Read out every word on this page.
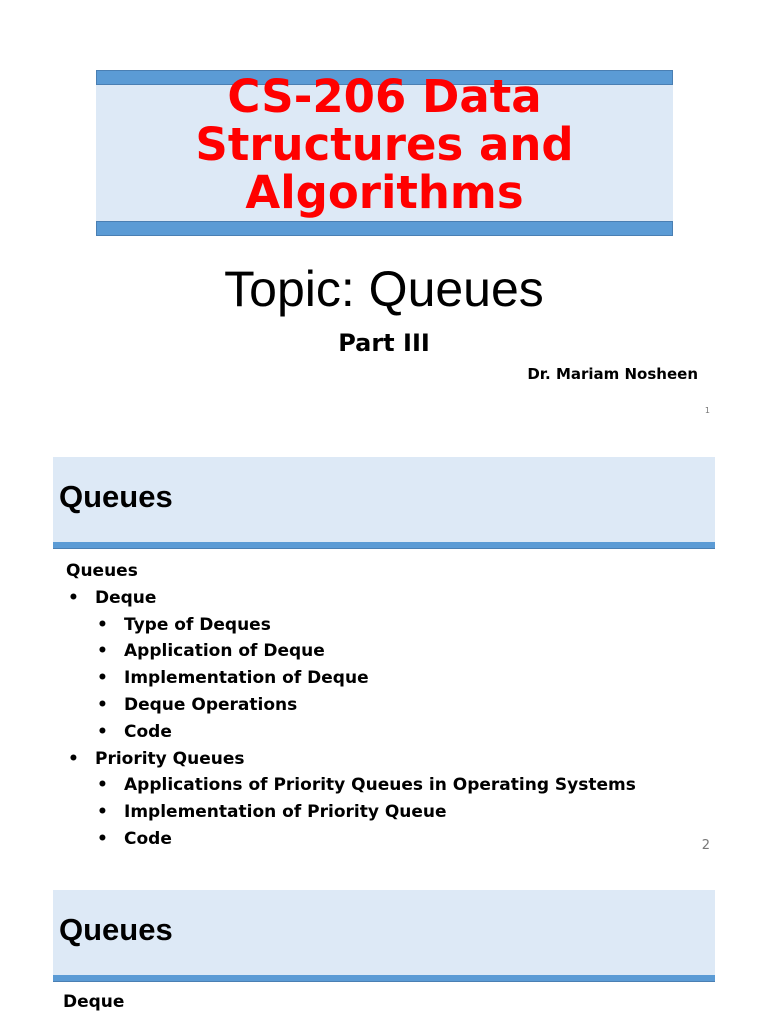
CS-206 Data Structures and Algorithms
Topic: Queues
Part III
Dr. Mariam Nosheen
1
Queues
Queues
• Deque
• Type of Deques
• Application of Deque
• Implementation of Deque
• Deque Operations
• Code
• Priority Queues
• Applications of Priority Queues in Operating Systems
• Implementation of Priority Queue
• Code	2
Queues
Deque
